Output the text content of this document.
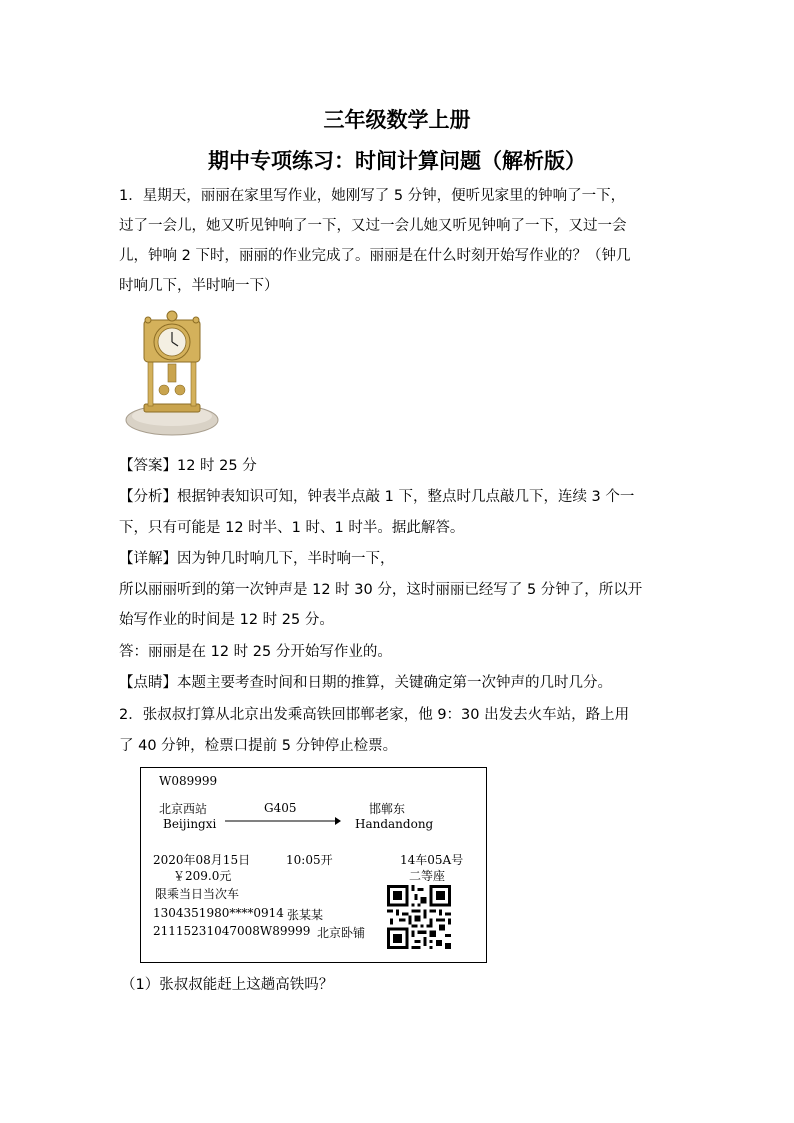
三年级数学上册
期中专项练习：时间计算问题（解析版）
1．星期天，丽丽在家里写作业，她刚写了 5 分钟，便听见家里的钟响了一下，
过了一会儿，她又听见钟响了一下，又过一会儿她又听见钟响了一下，又过一会
儿，钟响 2 下时，丽丽的作业完成了。丽丽是在什么时刻开始写作业的？（钟几
时响几下，半时响一下）
【答案】12 时 25 分
【分析】根据钟表知识可知，钟表半点敲 1 下，整点时几点敲几下，连续 3 个一
下，只有可能是 12 时半、1 时、1 时半。据此解答。
【详解】因为钟几时响几下，半时响一下，
所以丽丽听到的第一次钟声是 12 时 30 分，这时丽丽已经写了 5 分钟了，所以开
始写作业的时间是 12 时 25 分。
答：丽丽是在 12 时 25 分开始写作业的。
【点睛】本题主要考查时间和日期的推算，关键确定第一次钟声的几时几分。
2．张叔叔打算从北京出发乘高铁回邯郸老家，他 9：30 出发去火车站，路上用
了 40 分钟，检票口提前 5 分钟停止检票。
W089999
北京西站
Beijingxi
G405	邯郸东
Handandong
2020年08月15日	10:05开	14车05A号
￥209.0元	二等座
限乘当日当次车
1304351980****0914 张某某
21115231047008W89999 北京卧铺
（1）张叔叔能赶上这趟高铁吗？
